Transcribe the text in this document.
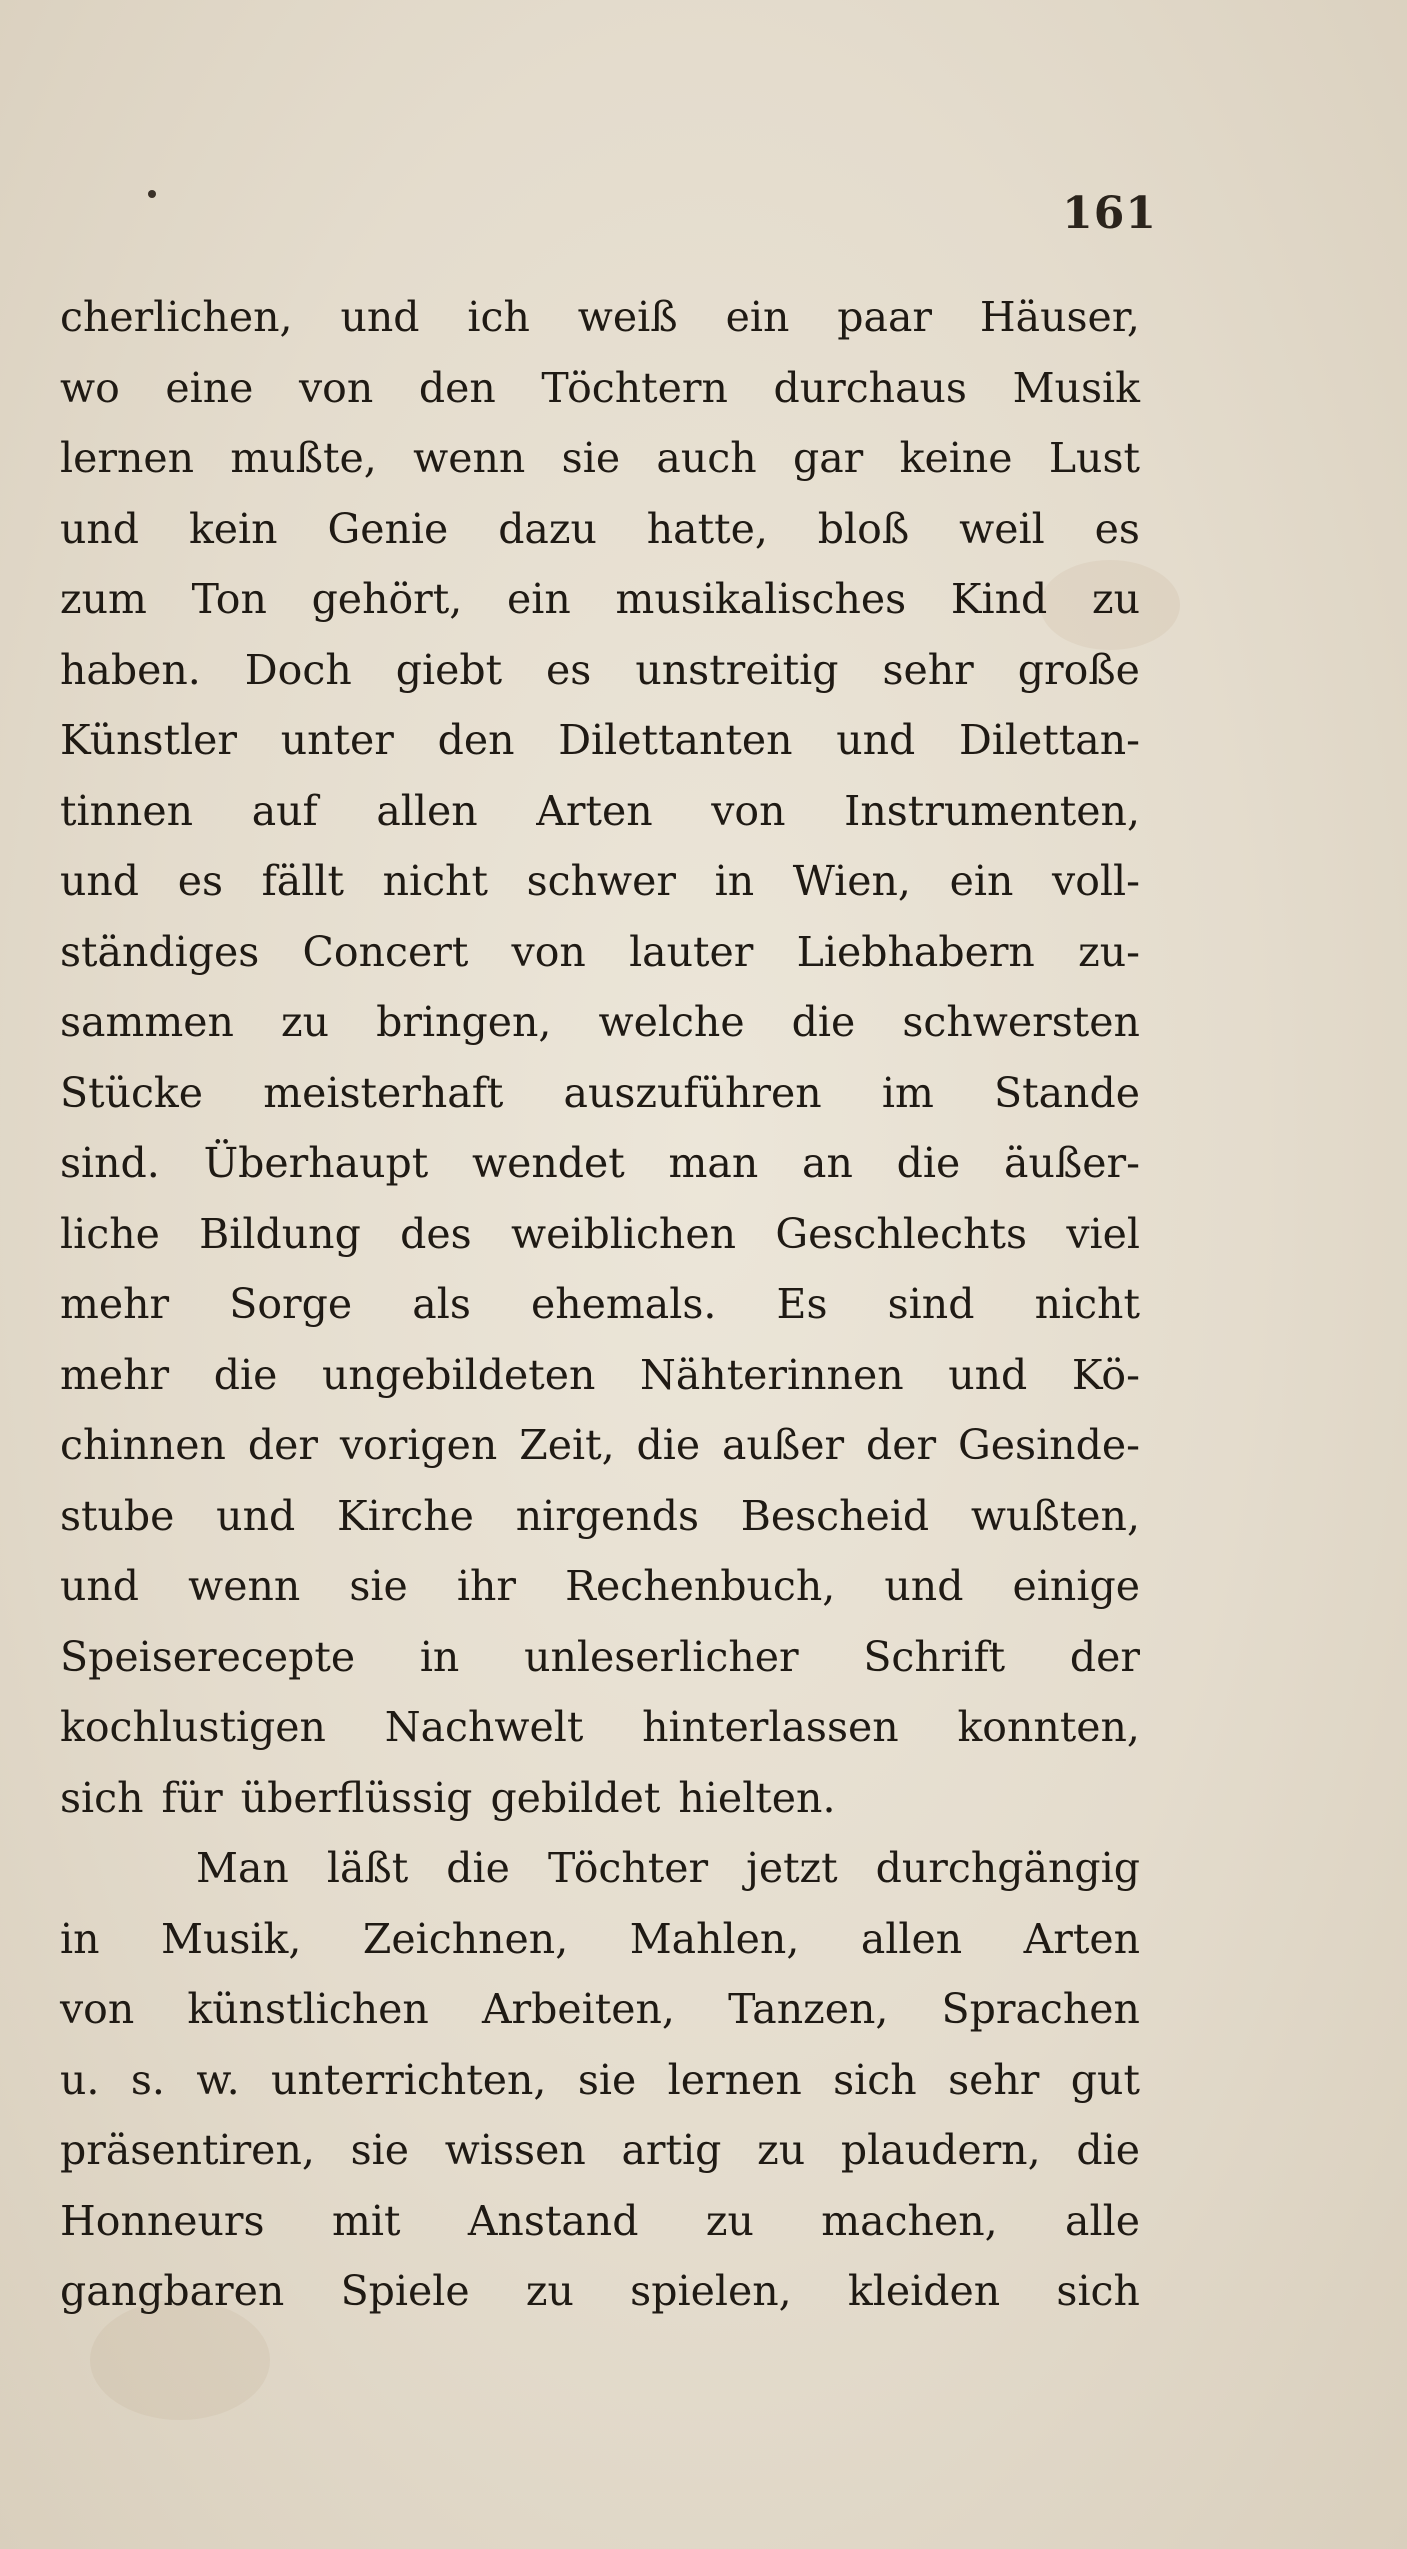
161
cherlichen, und ich weiß ein paar Häuser,
wo eine von den Töchtern durchaus Musik
lernen mußte, wenn sie auch gar keine Lust
und kein Genie dazu hatte, bloß weil es
zum Ton gehört, ein musikalisches Kind zu
haben. Doch giebt es unstreitig sehr große
Künstler unter den Dilettanten und Dilettan-
tinnen auf allen Arten von Instrumenten,
und es fällt nicht schwer in Wien, ein voll-
ständiges Concert von lauter Liebhabern zu-
sammen zu bringen, welche die schwersten
Stücke meisterhaft auszuführen im Stande
sind. Überhaupt wendet man an die äußer-
liche Bildung des weiblichen Geschlechts viel
mehr Sorge als ehemals. Es sind nicht
mehr die ungebildeten Nähterinnen und Kö-
chinnen der vorigen Zeit, die außer der Gesinde-
stube und Kirche nirgends Bescheid wußten,
und wenn sie ihr Rechenbuch, und einige
Speiserecepte in unleserlicher Schrift der
kochlustigen Nachwelt hinterlassen konnten,
sich für überflüssig gebildet hielten.
Man läßt die Töchter jetzt durchgängig
in Musik, Zeichnen, Mahlen, allen Arten
von künstlichen Arbeiten, Tanzen, Sprachen
u. s. w. unterrichten, sie lernen sich sehr gut
präsentiren, sie wissen artig zu plaudern, die
Honneurs mit Anstand zu machen, alle
gangbaren Spiele zu spielen, kleiden sich
